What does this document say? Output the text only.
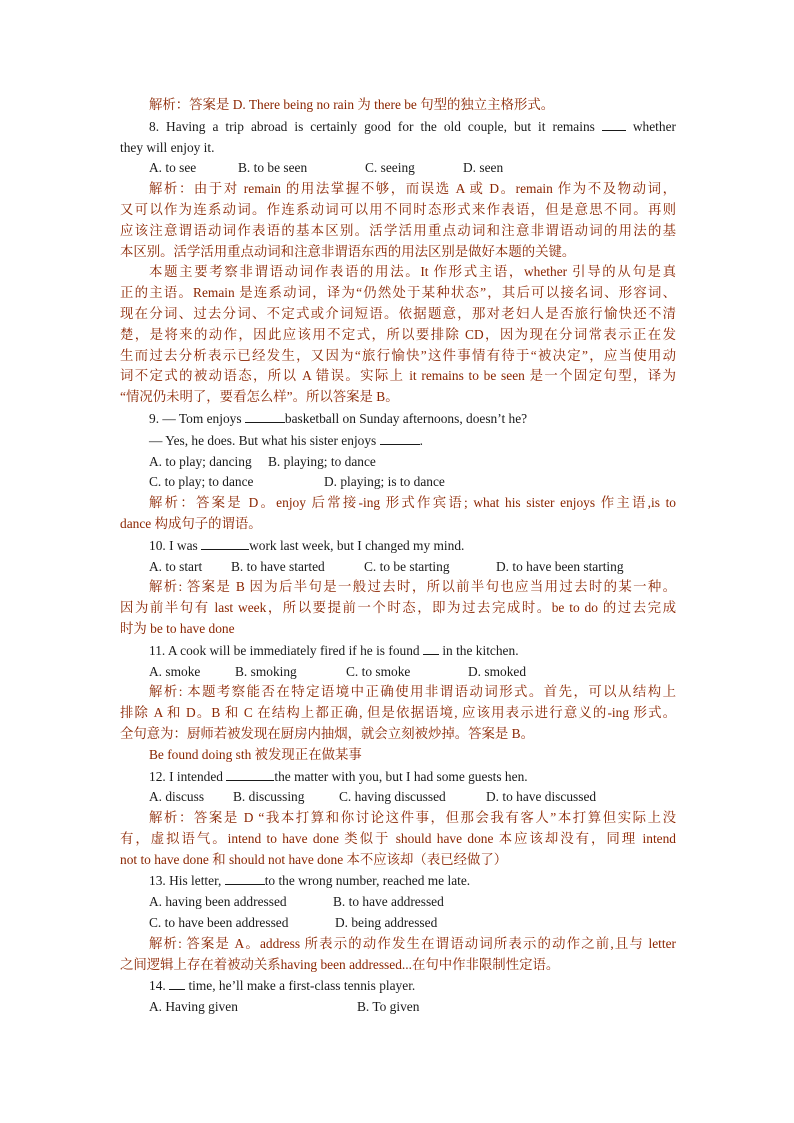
解析：答案是 D. There being no rain 为 there be 句型的独立主格形式。
8. Having a trip abroad is certainly good for the old couple, but it remains  whether
they will enjoy it.
A. to see	B. to be seen	C. seeing	D. seen
解析：由于对 remain 的用法掌握不够，而误选 A 或 D。remain 作为不及物动词，
又可以作为连系动词。作连系动词可以用不同时态形式来作表语，但是意思不同。再则
应该注意谓语动词作表语的基本区别。活学活用重点动词和注意非谓语动词的用法的基
本区别。活学活用重点动词和注意非谓语东西的用法区别是做好本题的关键。
本题主要考察非谓语动词作表语的用法。It 作形式主语，whether 引导的从句是真
正的主语。Remain 是连系动词，译为“仍然处于某种状态”，其后可以接名词、形容词、
现在分词、过去分词、不定式或介词短语。依据题意，那对老妇人是否旅行愉快还不清
楚，是将来的动作，因此应该用不定式，所以要排除 CD，因为现在分词常表示正在发
生而过去分析表示已经发生，又因为“旅行愉快”这件事情有待于“被决定”，应当使用动
词不定式的被动语态，所以 A 错误。实际上 it remains to be seen 是一个固定句型，译为
“情况仍未明了，要看怎么样”。所以答案是 B。
9. — Tom enjoys	basketball on Sunday afternoons, doesn’t he?
— Yes, he does. But what his sister enjoys	.
A. to play; dancing	B. playing; to dance
C. to play; to dance	D. playing; is to dance
解析：答案是 D。enjoy 后常接-ing 形式作宾语; what his sister enjoys 作主语,is to
dance 构成句子的谓语。
10. I was	work last week, but I changed my mind.
A. to start	B. to have started	C. to be starting	D. to have been starting
解析: 答案是 B 因为后半句是一般过去时，所以前半句也应当用过去时的某一种。
因为前半句有 last week，所以要提前一个时态，即为过去完成时。be to do 的过去完成
时为 be to have done
11. A cook will be immediately fired if he is found  in the kitchen.
A. smoke	B. smoking	C. to smoke	D. smoked
解析: 本题考察能否在特定语境中正确使用非谓语动词形式。首先，可以从结构上
排除 A 和 D。B 和 C 在结构上都正确, 但是依据语境, 应该用表示进行意义的-ing 形式。
全句意为：厨师若被发现在厨房内抽烟，就会立刻被炒掉。答案是 B。
Be found doing sth 被发现正在做某事
12. I intended	the matter with you, but I had some guests hen.
A. discuss	B. discussing	C. having discussed	D. to have discussed
解析：答案是 D “我本打算和你讨论这件事，但那会我有客人”本打算但实际上没
有，虚拟语气。intend to have done 类似于 should have done 本应该却没有，同理 intend
not to have done 和 should not have done 本不应该却（表已经做了）
13. His letter,	to the wrong number, reached me late.
A. having been addressed	B. to have addressed
C. to have been addressed	D. being addressed
解析: 答案是 A。address 所表示的动作发生在谓语动词所表示的动作之前,且与 letter
之间逻辑上存在着被动关系having been addressed...在句中作非限制性定语。
14.  time, he’ll make a first-class tennis player.
A. Having given	B. To given
